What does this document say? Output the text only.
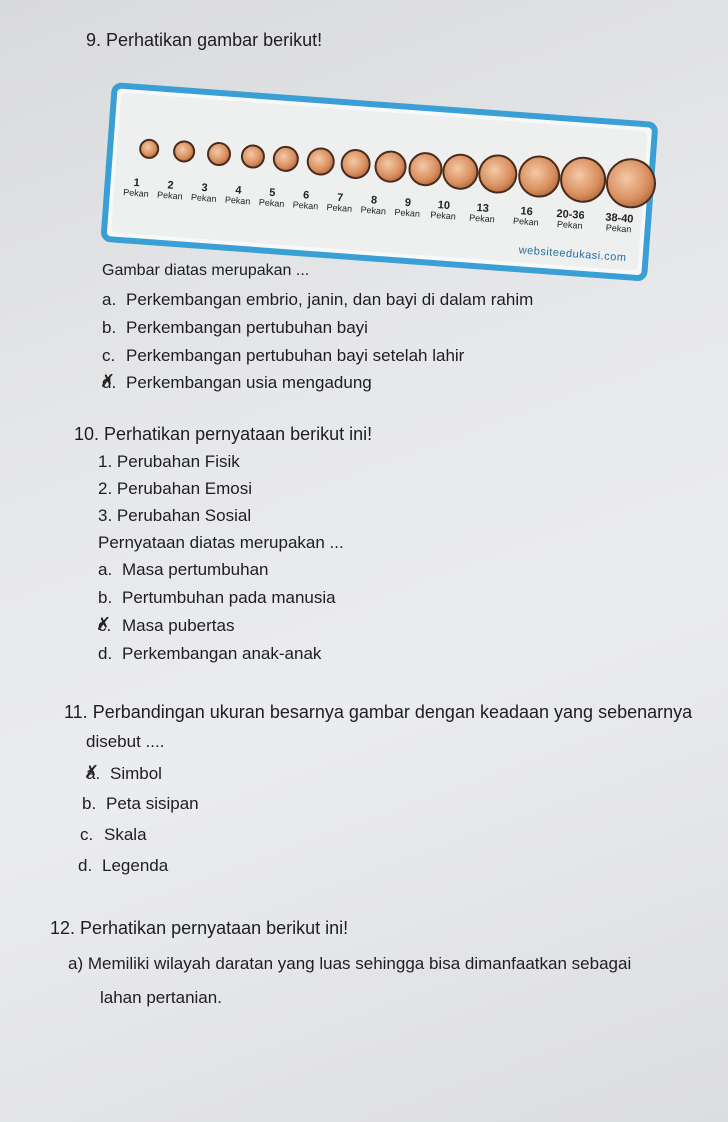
9. Perhatikan gambar berikut!
1
Pekan
2
Pekan
3
Pekan
4
Pekan
5
Pekan
6
Pekan
7
Pekan
8
Pekan
9
Pekan
10
Pekan
13
Pekan
16
Pekan	20-36
Pekan	38-40
Pekan
websiteedukasi.com
Gambar diatas merupakan ...
a. Perkembangan embrio, janin, dan bayi di dalam rahim
b. Perkembangan pertubuhan bayi
c. Perkembangan pertubuhan bayi setelah lahir
d. ✗ Perkembangan usia mengadung
10. Perhatikan pernyataan berikut ini!
1. Perubahan Fisik
2. Perubahan Emosi
3. Perubahan Sosial
Pernyataan diatas merupakan ...
a. Masa pertumbuhan
b. Pertumbuhan pada manusia
c. ✗ Masa pubertas
d. Perkembangan anak-anak
11. Perbandingan ukuran besarnya gambar dengan keadaan yang sebenarnya
disebut ....
a. ✗ Simbol
b. Peta sisipan
c. Skala
d. Legenda
12. Perhatikan pernyataan berikut ini!
a) Memiliki wilayah daratan yang luas sehingga bisa dimanfaatkan sebagai
lahan pertanian.
